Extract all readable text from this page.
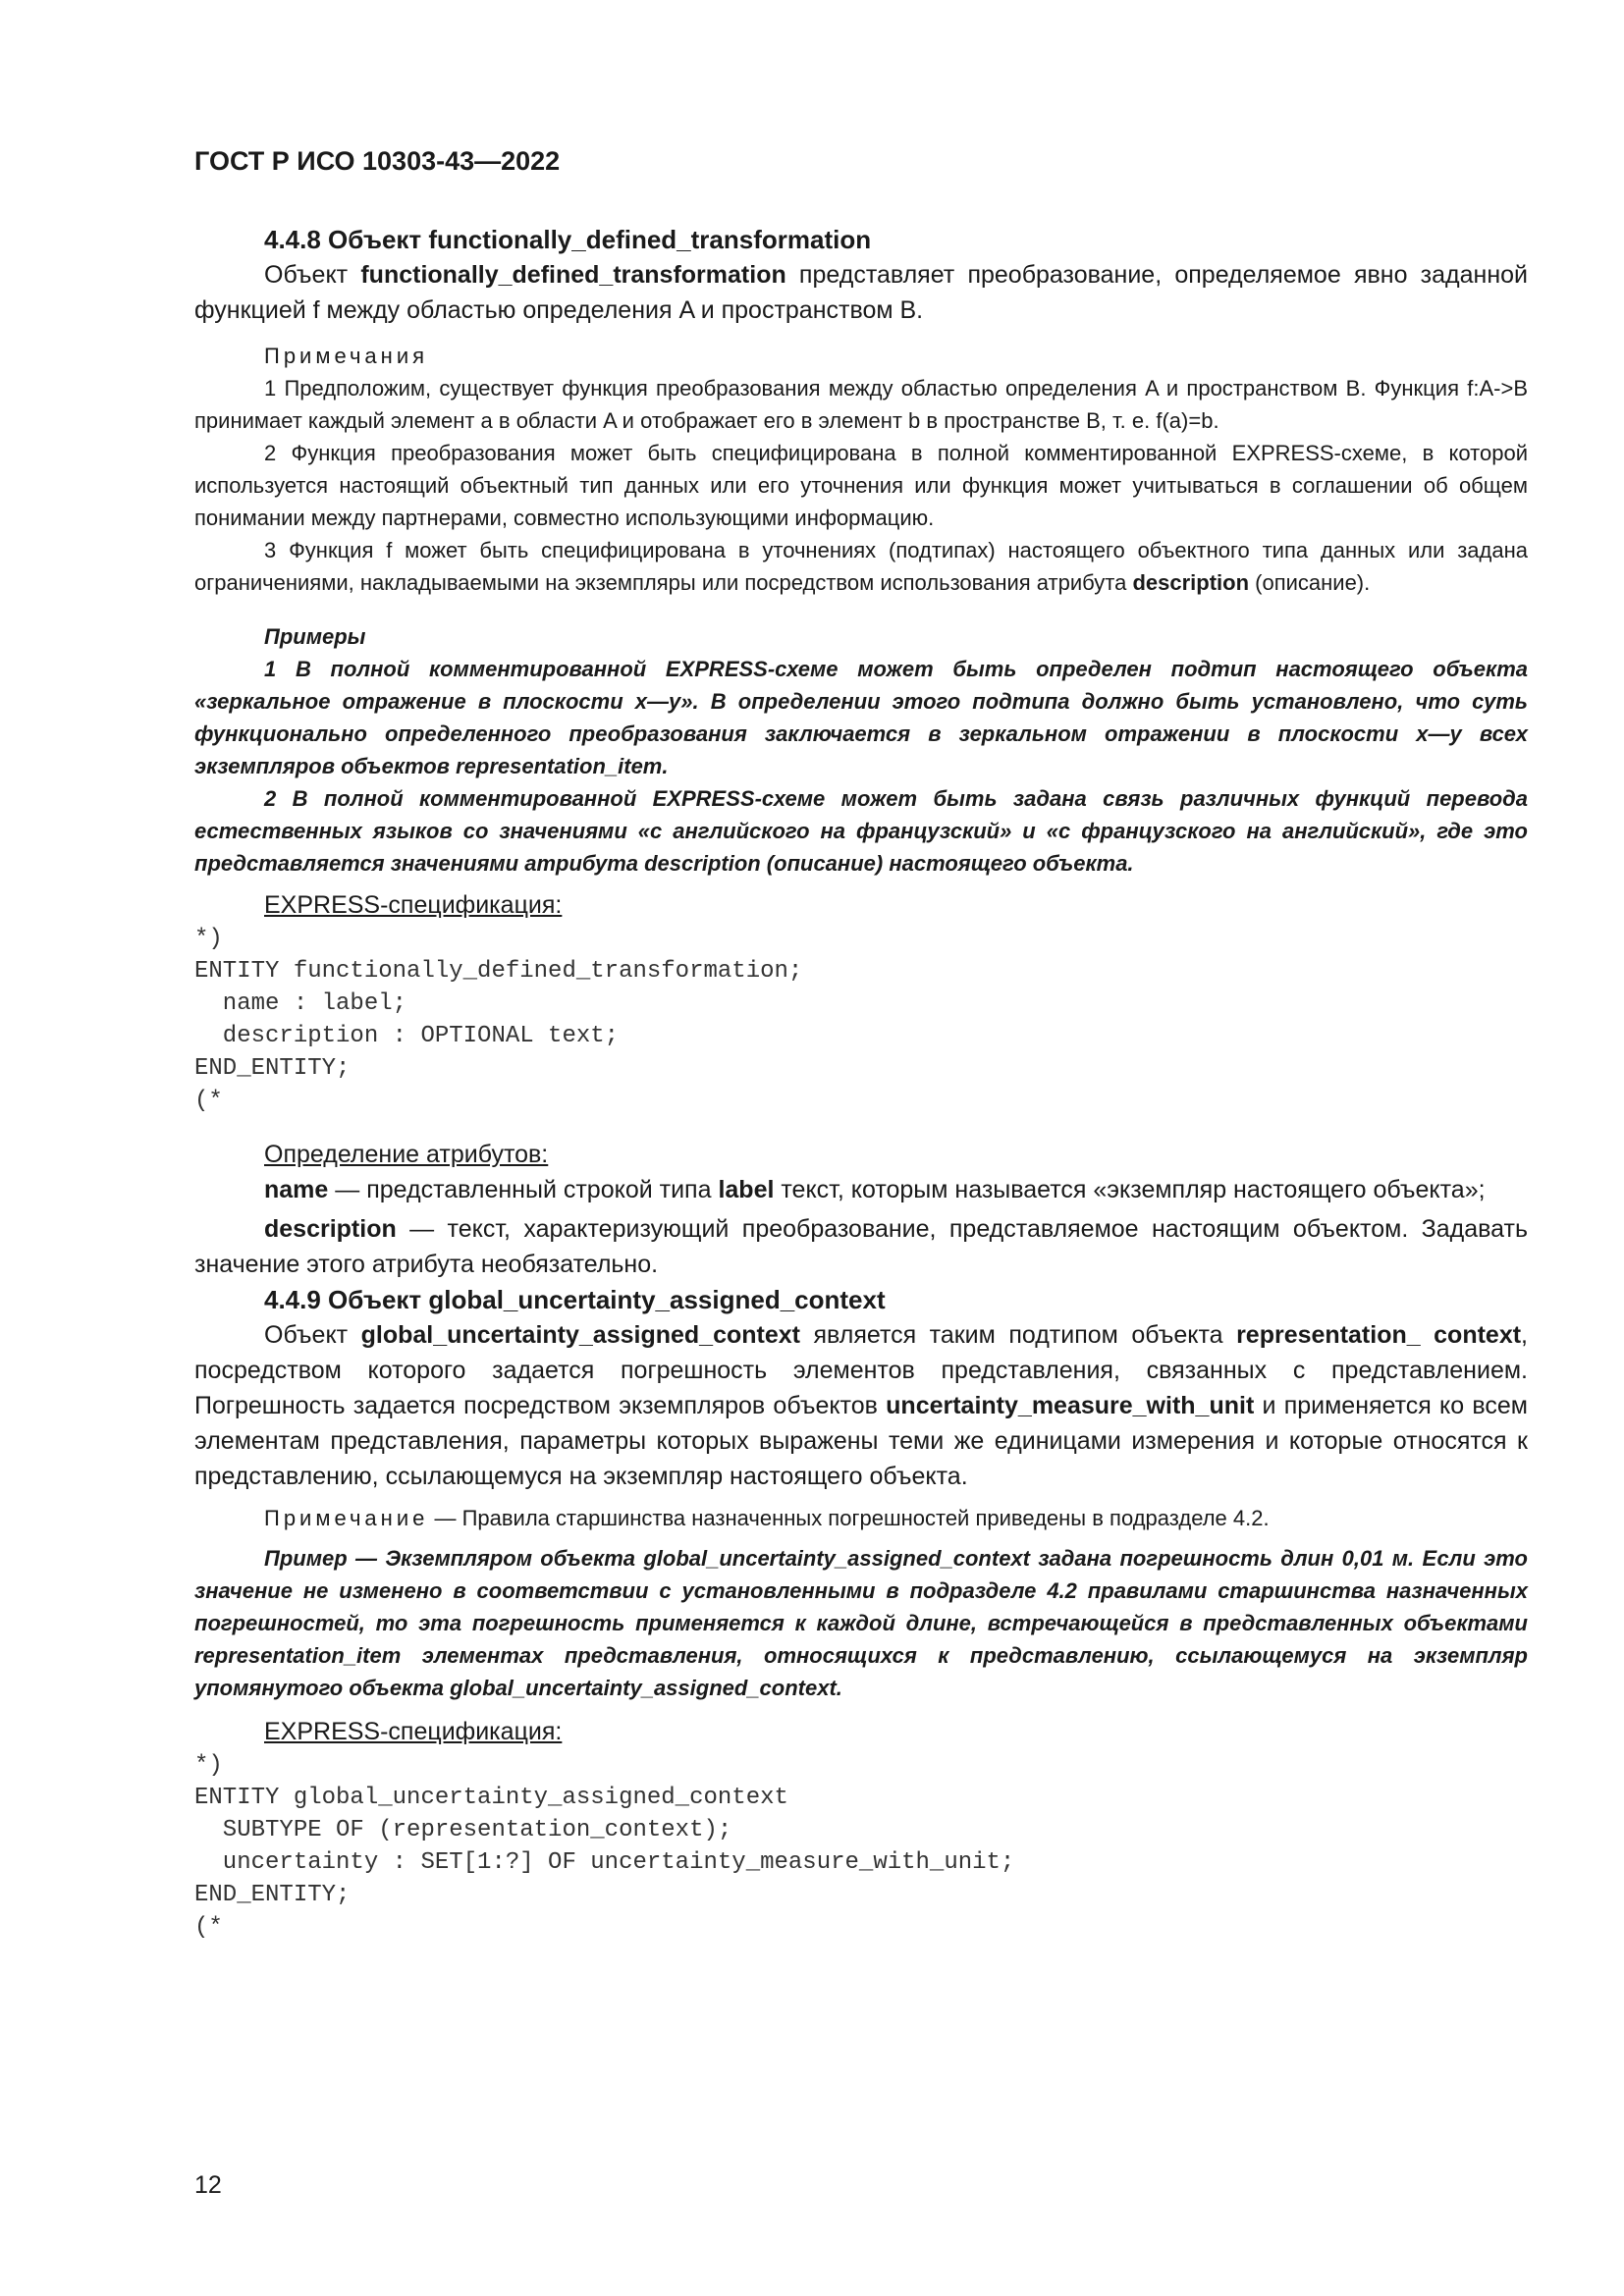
ГОСТ Р ИСО 10303-43—2022
4.4.8 Объект functionally_defined_transformation

Объект functionally_defined_transformation представляет преобразование, определяемое явно заданной функцией f между областью определения A и пространством B.

Примечания

1 Предположим, существует функция преобразования между областью определения A и пространством B. Функция f:A->B принимает каждый элемент a в области A и отображает его в элемент b в пространстве B, т. е. f(a)=b.

2 Функция преобразования может быть специфицирована в полной комментированной EXPRESS-схеме, в которой используется настоящий объектный тип данных или его уточнения или функция может учитываться в соглашении об общем понимании между партнерами, совместно использующими информацию.

3 Функция f может быть специфицирована в уточнениях (подтипах) настоящего объектного типа данных или задана ограничениями, накладываемыми на экземпляры или посредством использования атрибута description (описание).

Примеры

1 В полной комментированной EXPRESS-схеме может быть определен подтип настоящего объекта «зеркальное отражение в плоскости x—y». В определении этого подтипа должно быть установлено, что суть функционально определенного преобразования заключается в зеркальном отражении в плоскости x—y всех экземпляров объектов representation_item.

2 В полной комментированной EXPRESS-схеме может быть задана связь различных функций перевода естественных языков со значениями «с английского на французский» и «с французского на английский», где это представляется значениями атрибута description (описание) настоящего объекта.

EXPRESS-спецификация:
*)
ENTITY functionally_defined_transformation;
name : label;
description : OPTIONAL text;
END_ENTITY;
(*
Определение атрибутов:

name — представленный строкой типа label текст, которым называется «экземпляр настоящего объекта»;

description — текст, характеризующий преобразование, представляемое настоящим объектом. Задавать значение этого атрибута необязательно.

4.4.9 Объект global_uncertainty_assigned_context

Объект global_uncertainty_assigned_context является таким подтипом объекта representation_ context, посредством которого задается погрешность элементов представления, связанных с представлением. Погрешность задается посредством экземпляров объектов uncertainty_measure_with_unit и применяется ко всем элементам представления, параметры которых выражены теми же единицами измерения и которые относятся к представлению, ссылающемуся на экземпляр настоящего объекта.

Примечание — Правила старшинства назначенных погрешностей приведены в подразделе 4.2.

Пример — Экземпляром объекта global_uncertainty_assigned_context задана погрешность длин 0,01 м. Если это значение не изменено в соответствии с установленными в подразделе 4.2 правилами старшинства назначенных погрешностей, то эта погрешность применяется к каждой длине, встречающейся в представленных объектами representation_item элементах представления, относящихся к представлению, ссылающемуся на экземпляр упомянутого объекта global_uncertainty_assigned_context.

EXPRESS-спецификация:
*)
ENTITY global_uncertainty_assigned_context
SUBTYPE OF (representation_context);
uncertainty : SET[1:?] OF uncertainty_measure_with_unit;
END_ENTITY;
(*
12
